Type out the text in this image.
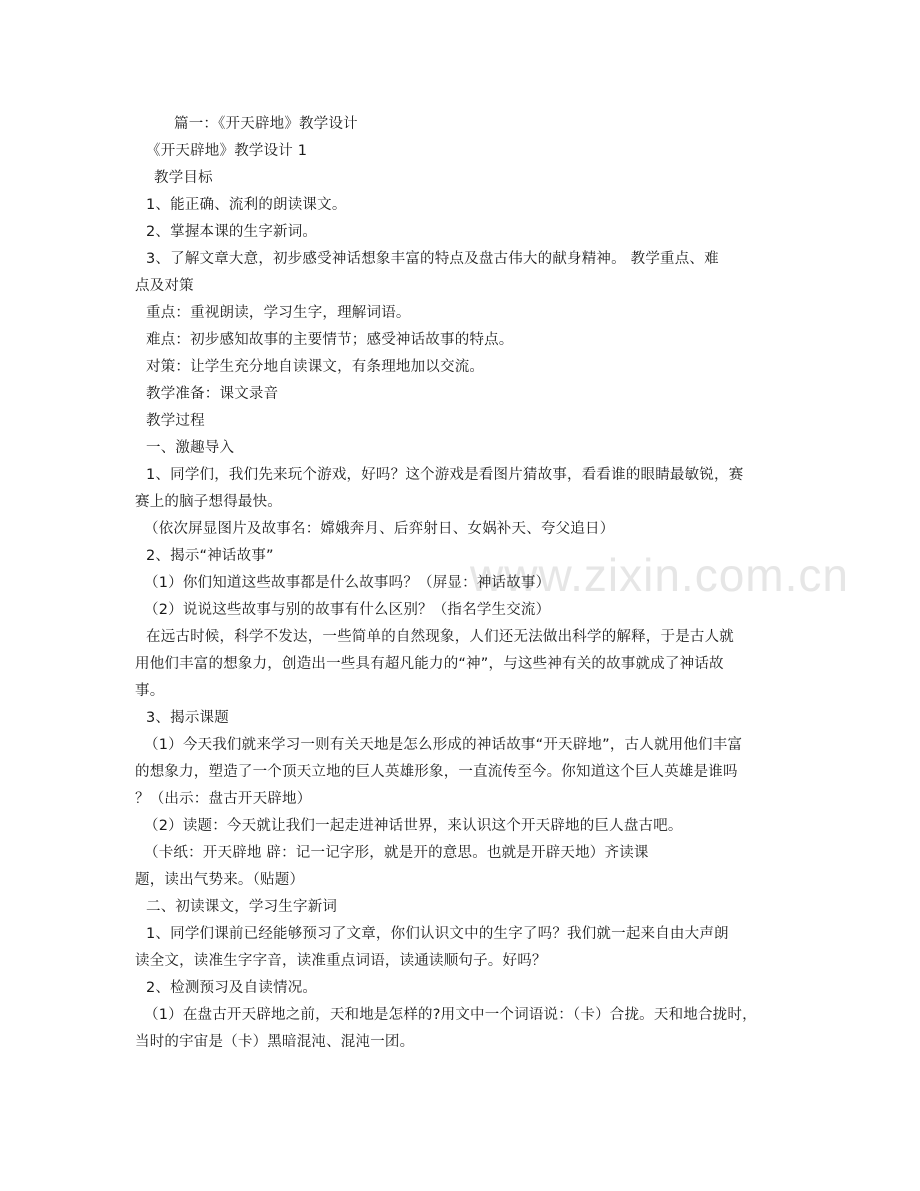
www.zixin.com.cn
篇一：《开天辟地》教学设计
《开天辟地》教学设计 1
教学目标
1、能正确、流利的朗读课文。
2、掌握本课的生字新词。
3、了解文章大意，初步感受神话想象丰富的特点及盘古伟大的献身精神。 教学重点、难
点及对策
重点：重视朗读，学习生字，理解词语。
难点：初步感知故事的主要情节；感受神话故事的特点。
对策：让学生充分地自读课文，有条理地加以交流。
教学准备：课文录音
教学过程
一、激趣导入
1、同学们，我们先来玩个游戏，好吗？这个游戏是看图片猜故事，看看谁的眼睛最敏锐，赛
赛上的脑子想得最快。
（依次屏显图片及故事名：嫦娥奔月、后弈射日、女娲补天、夸父追日）
2、揭示“神话故事”
（1）你们知道这些故事都是什么故事吗？（屏显：神话故事）
（2）说说这些故事与别的故事有什么区别？（指名学生交流）
在远古时候，科学不发达，一些简单的自然现象，人们还无法做出科学的解释，于是古人就
用他们丰富的想象力，创造出一些具有超凡能力的“神”，与这些神有关的故事就成了神话故
事。
3、揭示课题
（1）今天我们就来学习一则有关天地是怎么形成的神话故事“开天辟地”，古人就用他们丰富
的想象力，塑造了一个顶天立地的巨人英雄形象，一直流传至今。你知道这个巨人英雄是谁吗
？（出示：盘古开天辟地）
（2）读题：今天就让我们一起走进神话世界，来认识这个开天辟地的巨人盘古吧。
（卡纸：开天辟地 辟：记一记字形，就是开的意思。也就是开辟天地）齐读课
题，读出气势来。（贴题）
二、初读课文，学习生字新词
1、同学们课前已经能够预习了文章，你们认识文中的生字了吗？我们就一起来自由大声朗
读全文，读准生字字音，读准重点词语，读通读顺句子。好吗？
2、检测预习及自读情况。
（1）在盘古开天辟地之前，天和地是怎样的?用文中一个词语说：（卡）合拢。天和地合拢时，
当时的宇宙是（卡）黑暗混沌、混沌一团。
